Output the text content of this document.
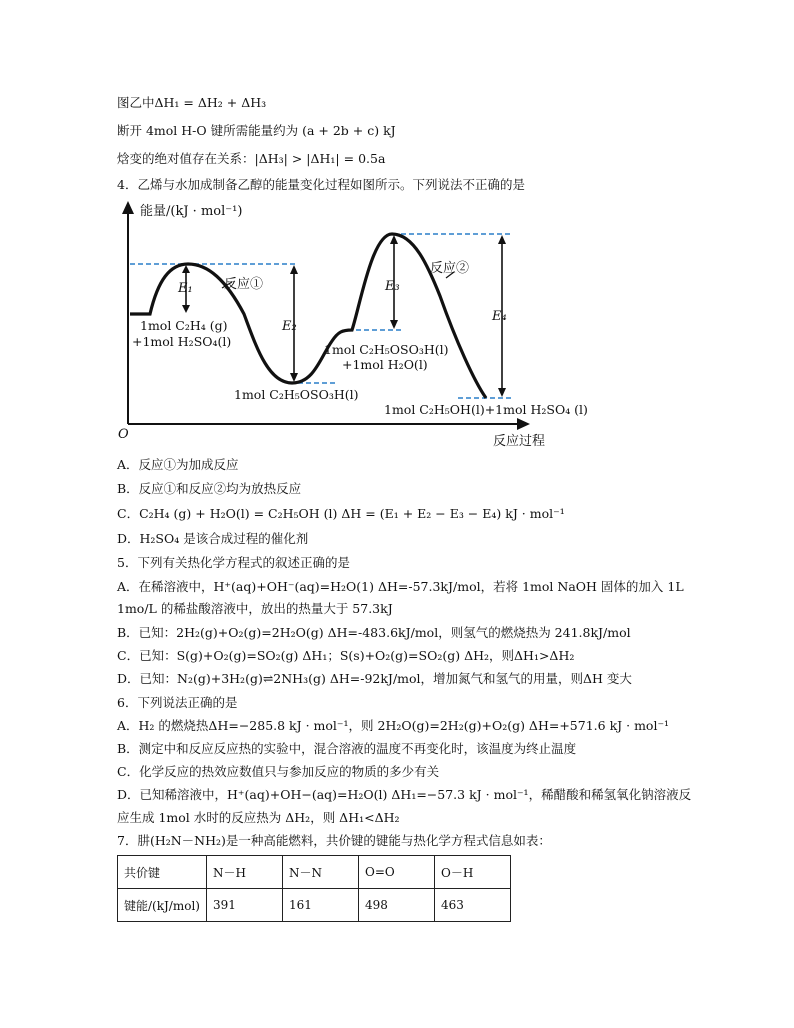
图乙中ΔH₁ = ΔH₂ + ΔH₃
断开 4mol H-O 键所需能量约为 (a + 2b + c) kJ
焓变的绝对值存在关系：|ΔH₃| > |ΔH₁| = 0.5a
4．乙烯与水加成制备乙醇的能量变化过程如图所示。下列说法不正确的是
能量/(kJ · mol⁻¹)
O	反应过程
E₁
E₂
E₃
E₄
反应①
反应②
1mol C₂H₄ (g)
+1mol H₂SO₄(l)
1mol C₂H₅OSO₃H(l)
1mol C₂H₅OSO₃H(l)
+1mol H₂O(l)
1mol C₂H₅OH(l)+1mol H₂SO₄ (l)
A．反应①为加成反应
B．反应①和反应②均为放热反应
C．C₂H₄ (g) + H₂O(l) = C₂H₅OH (l) ΔH = (E₁ + E₂ − E₃ − E₄) kJ · mol⁻¹
D．H₂SO₄ 是该合成过程的催化剂
5．下列有关热化学方程式的叙述正确的是
A．在稀溶液中，H⁺(aq)+OH⁻(aq)=H₂O(1) ΔH=-57.3kJ/mol，若将 1mol NaOH 固体的加入 1L
1mo/L 的稀盐酸溶液中，放出的热量大于 57.3kJ
B．已知：2H₂(g)+O₂(g)=2H₂O(g) ΔH=-483.6kJ/mol，则氢气的燃烧热为 241.8kJ/mol
C．已知：S(g)+O₂(g)=SO₂(g) ΔH₁；S(s)+O₂(g)=SO₂(g) ΔH₂，则ΔH₁>ΔH₂
D．已知：N₂(g)+3H₂(g)⇌2NH₃(g) ΔH=-92kJ/mol，增加氮气和氢气的用量，则ΔH 变大
6．下列说法正确的是
A．H₂ 的燃烧热ΔH=−285.8 kJ · mol⁻¹，则 2H₂O(g)=2H₂(g)+O₂(g) ΔH=+571.6 kJ · mol⁻¹
B．测定中和反应反应热的实验中，混合溶液的温度不再变化时，该温度为终止温度
C．化学反应的热效应数值只与参加反应的物质的多少有关
D．已知稀溶液中，H⁺(aq)+OH−(aq)=H₂O(l) ΔH₁=−57.3 kJ · mol⁻¹，稀醋酸和稀氢氧化钠溶液反
应生成 1mol 水时的反应热为 ΔH₂，则 ΔH₁<ΔH₂
7．肼(H₂N－NH₂)是一种高能燃料，共价键的键能与热化学方程式信息如表：
共价键	N－H	N－N	O=O	O－H
键能/(kJ/mol)	391	161	498	463
